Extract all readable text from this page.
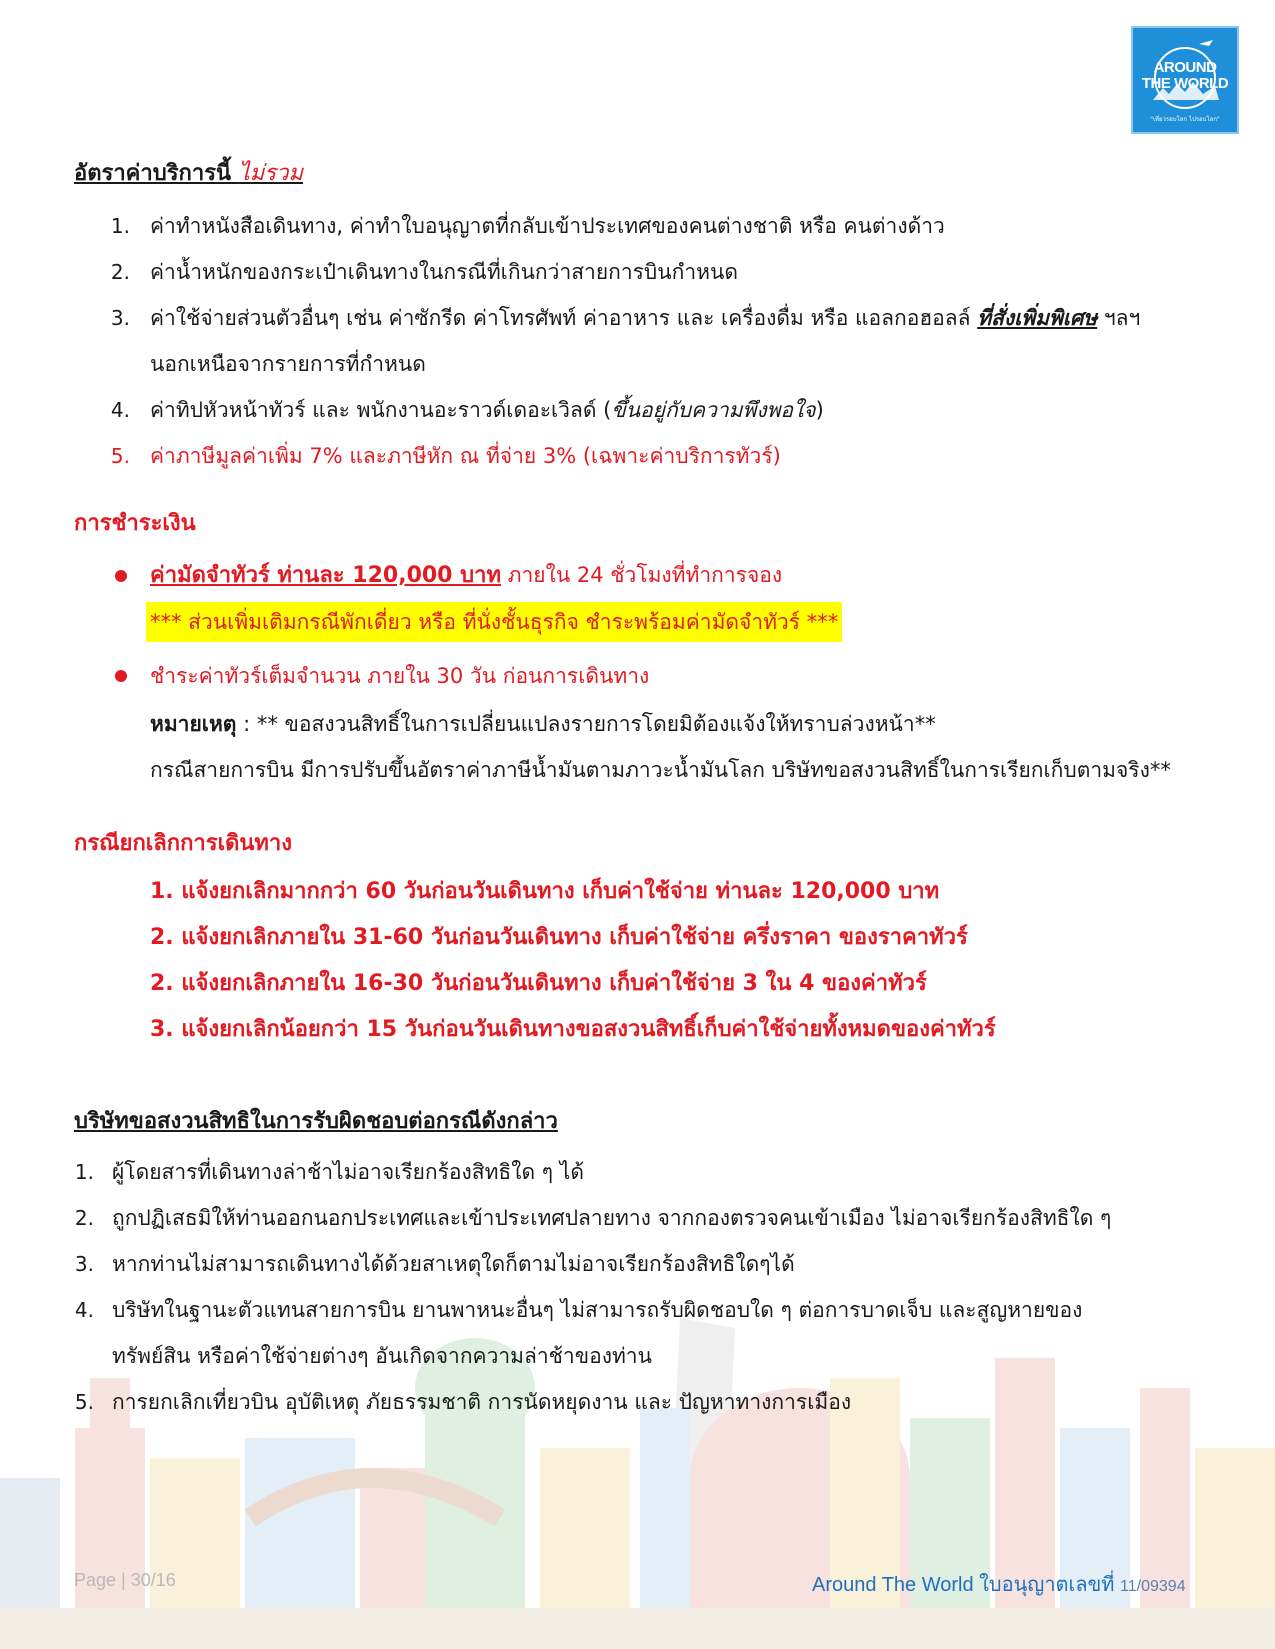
AROUND
THE WORLD
"เที่ยวรอบโลก ไปรอบโลก"
อัตราค่าบริการนี้ ไม่รวม
1. ค่าทำหนังสือเดินทาง, ค่าทำใบอนุญาตที่กลับเข้าประเทศของคนต่างชาติ หรือ คนต่างด้าว
2. ค่าน้ำหนักของกระเป๋าเดินทางในกรณีที่เกินกว่าสายการบินกำหนด
3. ค่าใช้จ่ายส่วนตัวอื่นๆ เช่น ค่าซักรีด ค่าโทรศัพท์ ค่าอาหาร และ เครื่องดื่ม หรือ แอลกอฮอลล์ ที่สั่งเพิ่มพิเศษ ฯลฯ
นอกเหนือจากรายการที่กำหนด
4. ค่าทิปหัวหน้าทัวร์ และ พนักงานอะราวด์เดอะเวิลด์ (ขึ้นอยู่กับความพึงพอใจ)
5. ค่าภาษีมูลค่าเพิ่ม 7% และภาษีหัก ณ ที่จ่าย 3% (เฉพาะค่าบริการทัวร์)
การชำระเงิน
ค่ามัดจำทัวร์ ท่านละ 120,000 บาท ภายใน 24 ชั่วโมงที่ทำการจอง
*** ส่วนเพิ่มเติมกรณีพักเดี่ยว หรือ ที่นั่งชั้นธุรกิจ ชำระพร้อมค่ามัดจำทัวร์ ***
ชำระค่าทัวร์เต็มจำนวน ภายใน 30 วัน ก่อนการเดินทาง
หมายเหตุ : ** ขอสงวนสิทธิ์ในการเปลี่ยนแปลงรายการโดยมิต้องแจ้งให้ทราบล่วงหน้า**
กรณีสายการบิน มีการปรับขึ้นอัตราค่าภาษีน้ำมันตามภาวะน้ำมันโลก บริษัทขอสงวนสิทธิ์ในการเรียกเก็บตามจริง**
กรณียกเลิกการเดินทาง
1. แจ้งยกเลิกมากกว่า 60 วันก่อนวันเดินทาง เก็บค่าใช้จ่าย ท่านละ 120,000 บาท
2. แจ้งยกเลิกภายใน 31-60 วันก่อนวันเดินทาง เก็บค่าใช้จ่าย ครึ่งราคา ของราคาทัวร์
2. แจ้งยกเลิกภายใน 16-30 วันก่อนวันเดินทาง เก็บค่าใช้จ่าย 3 ใน 4 ของค่าทัวร์
3. แจ้งยกเลิกน้อยกว่า 15 วันก่อนวันเดินทางขอสงวนสิทธิ์เก็บค่าใช้จ่ายทั้งหมดของค่าทัวร์
บริษัทขอสงวนสิทธิในการรับผิดชอบต่อกรณีดังกล่าว
1. ผู้โดยสารที่เดินทางล่าช้าไม่อาจเรียกร้องสิทธิใด ๆ ได้
2. ถูกปฏิเสธมิให้ท่านออกนอกประเทศและเข้าประเทศปลายทาง จากกองตรวจคนเข้าเมือง ไม่อาจเรียกร้องสิทธิใด ๆ
3. หากท่านไม่สามารถเดินทางได้ด้วยสาเหตุใดก็ตามไม่อาจเรียกร้องสิทธิใดๆได้
4. บริษัทในฐานะตัวแทนสายการบิน ยานพาหนะอื่นๆ ไม่สามารถรับผิดชอบใด ๆ ต่อการบาดเจ็บ และสูญหายของ
ทรัพย์สิน หรือค่าใช้จ่ายต่างๆ อันเกิดจากความล่าช้าของท่าน
5. การยกเลิกเที่ยวบิน อุบัติเหตุ ภัยธรรมชาติ การนัดหยุดงาน และ ปัญหาทางการเมือง
Page | 30/16	Around The World ใบอนุญาตเลขที่ 11/09394
